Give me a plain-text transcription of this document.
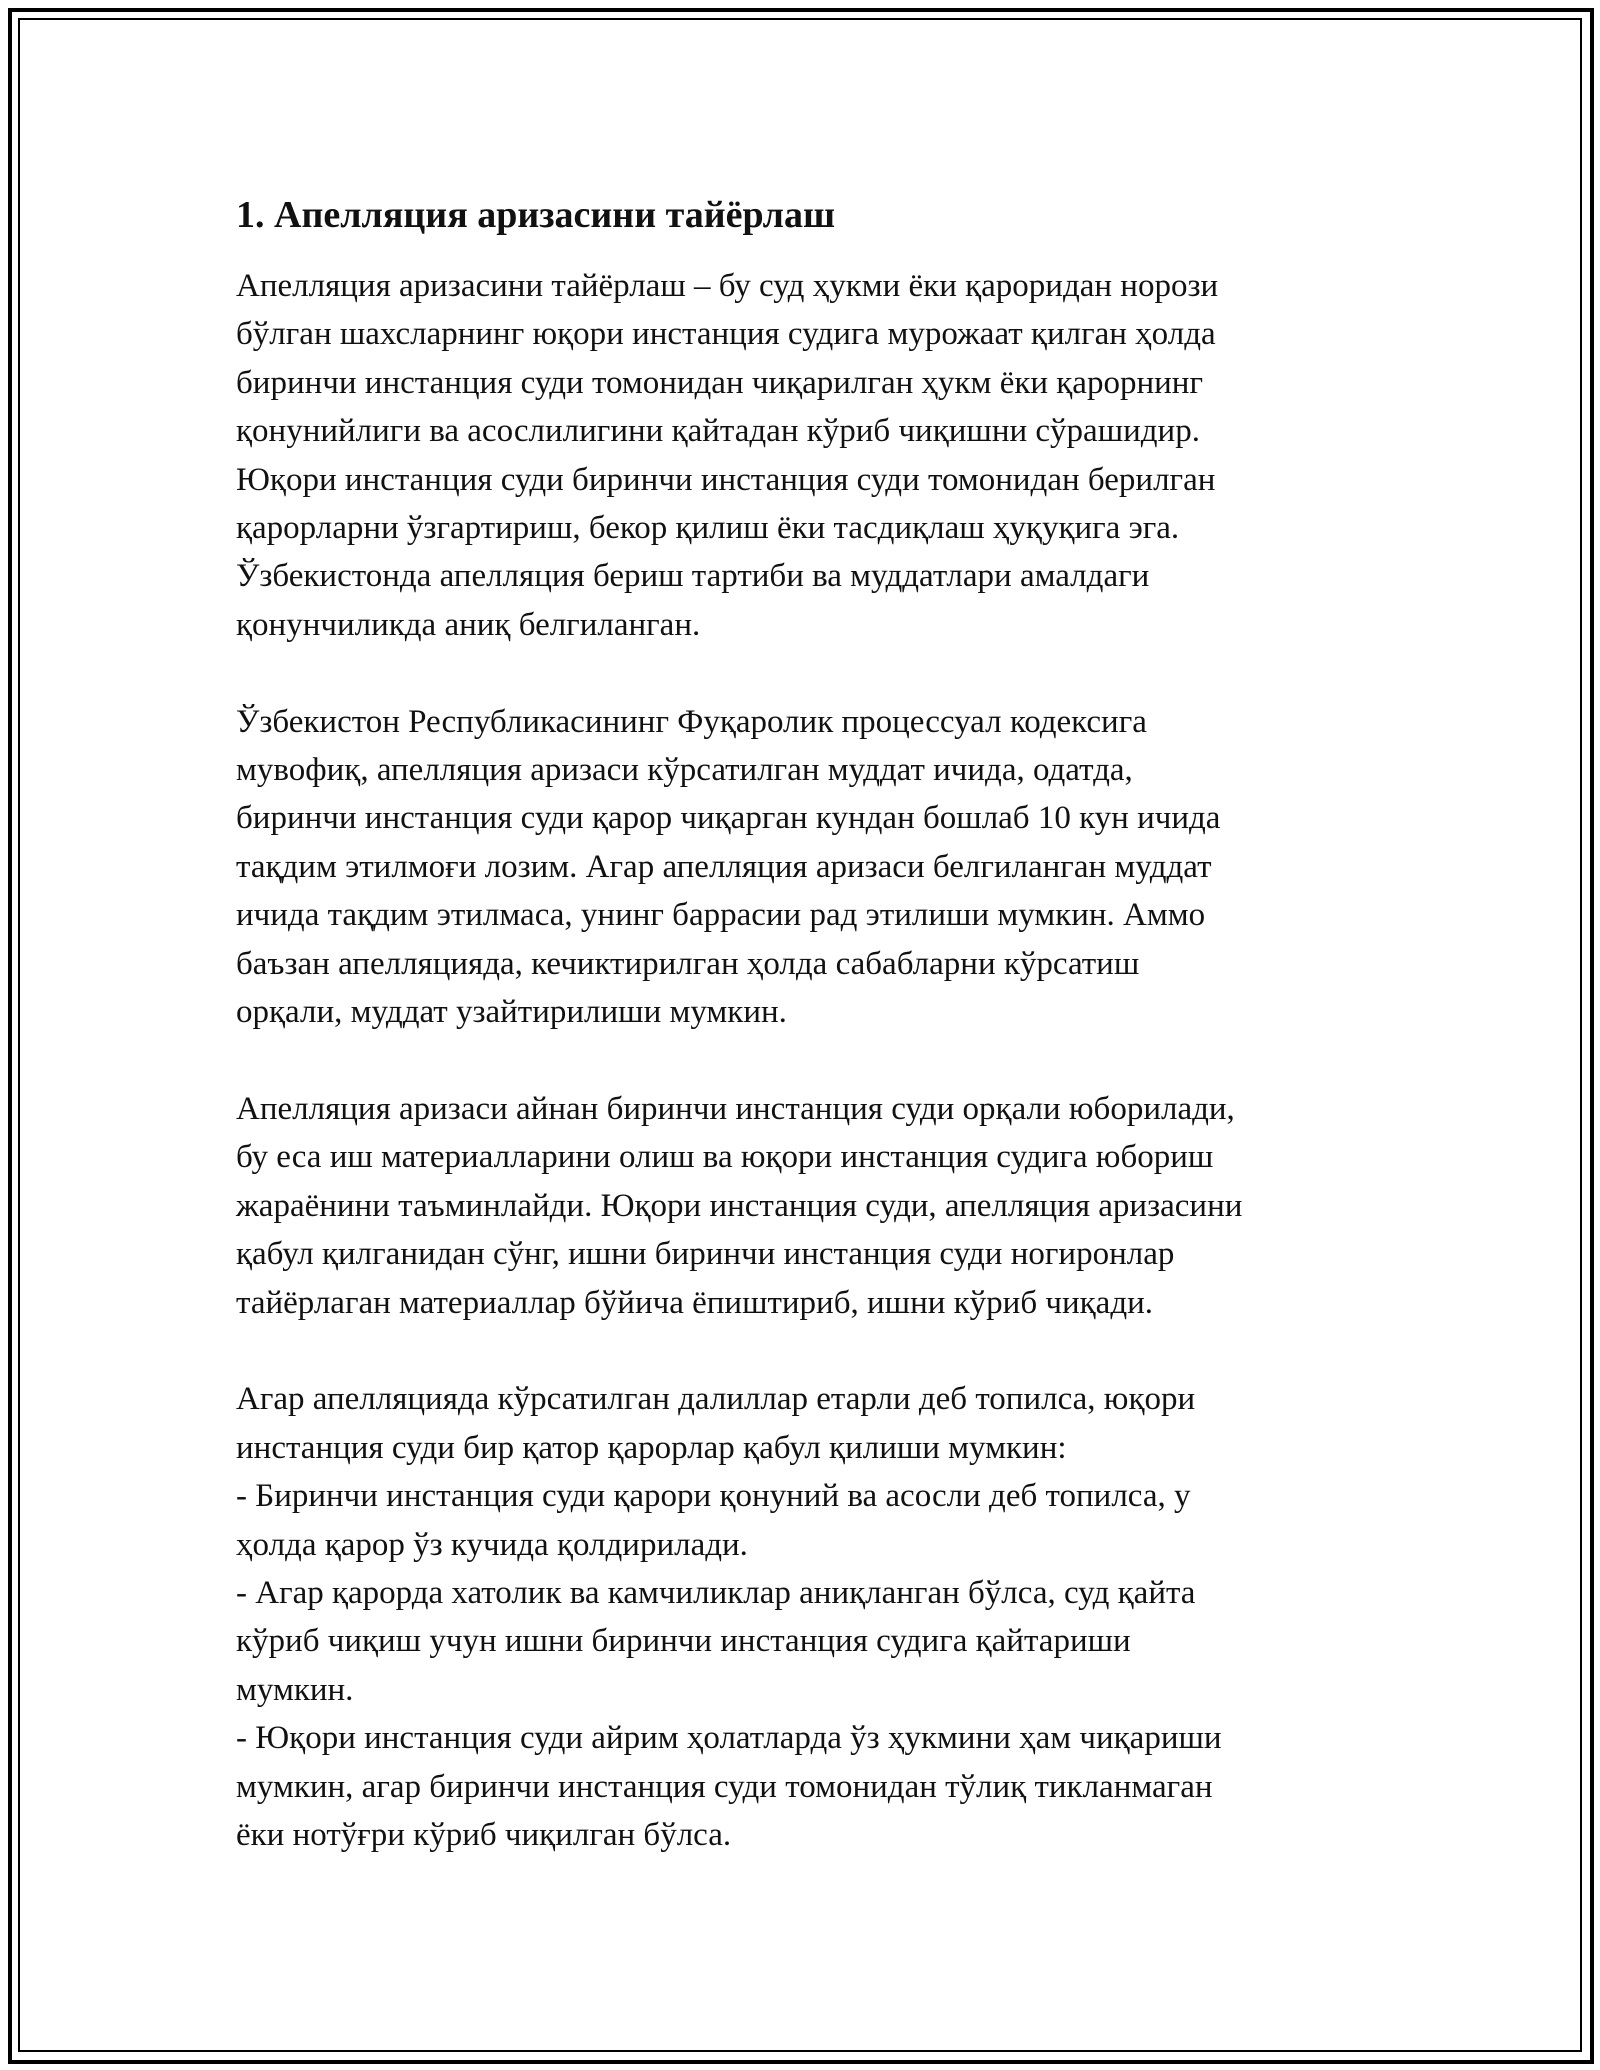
1. Апелляция аризасини тайёрлаш

Апелляция аризасини тайёрлаш – бу суд ҳукми ёки қароридан норози
бўлган шахсларнинг юқори инстанция судига мурожаат қилган ҳолда
биринчи инстанция суди томонидан чиқарилган ҳукм ёки қарорнинг
қонунийлиги ва асослилигини қайтадан кўриб чиқишни сўрашидир.
Юқори инстанция суди биринчи инстанция суди томонидан берилган
қарорларни ўзгартириш, бекор қилиш ёки тасдиқлаш ҳуқуқига эга.
Ўзбекистонда апелляция бериш тартиби ва муддатлари амалдаги
қонунчиликда аниқ белгиланган.

Ўзбекистон Республикасининг Фуқаролик процессуал кодексига
мувофиқ, апелляция аризаси кўрсатилган муддат ичида, одатда,
биринчи инстанция суди қарор чиқарган кундан бошлаб 10 кун ичида
тақдим этилмоғи лозим. Агар апелляция аризаси белгиланган муддат
ичида тақдим этилмаса, унинг баррасии рад этилиши мумкин. Аммо
баъзан апелляцияда, кечиктирилган ҳолда сабабларни кўрсатиш
орқали, муддат узайтирилиши мумкин.

Апелляция аризаси айнан биринчи инстанция суди орқали юборилади,
бу еса иш материалларини олиш ва юқори инстанция судига юбориш
жараёнини таъминлайди. Юқори инстанция суди, апелляция аризасини
қабул қилганидан сўнг, ишни биринчи инстанция суди ногиронлар
тайёрлаган материаллар бўйича ёпиштириб, ишни кўриб чиқади.

Агар апелляцияда кўрсатилган далиллар етарли деб топилса, юқори
инстанция суди бир қатор қарорлар қабул қилиши мумкин:
- Биринчи инстанция суди қарори қонуний ва асосли деб топилса, у
ҳолда қарор ўз кучида қолдирилади.
- Агар қарорда хатолик ва камчиликлар аниқланган бўлса, суд қайта
кўриб чиқиш учун ишни биринчи инстанция судига қайтариши
мумкин.
- Юқори инстанция суди айрим ҳолатларда ўз ҳукмини ҳам чиқариши
мумкин, агар биринчи инстанция суди томонидан тўлиқ тикланмаган
ёки нотўғри кўриб чиқилган бўлса.
